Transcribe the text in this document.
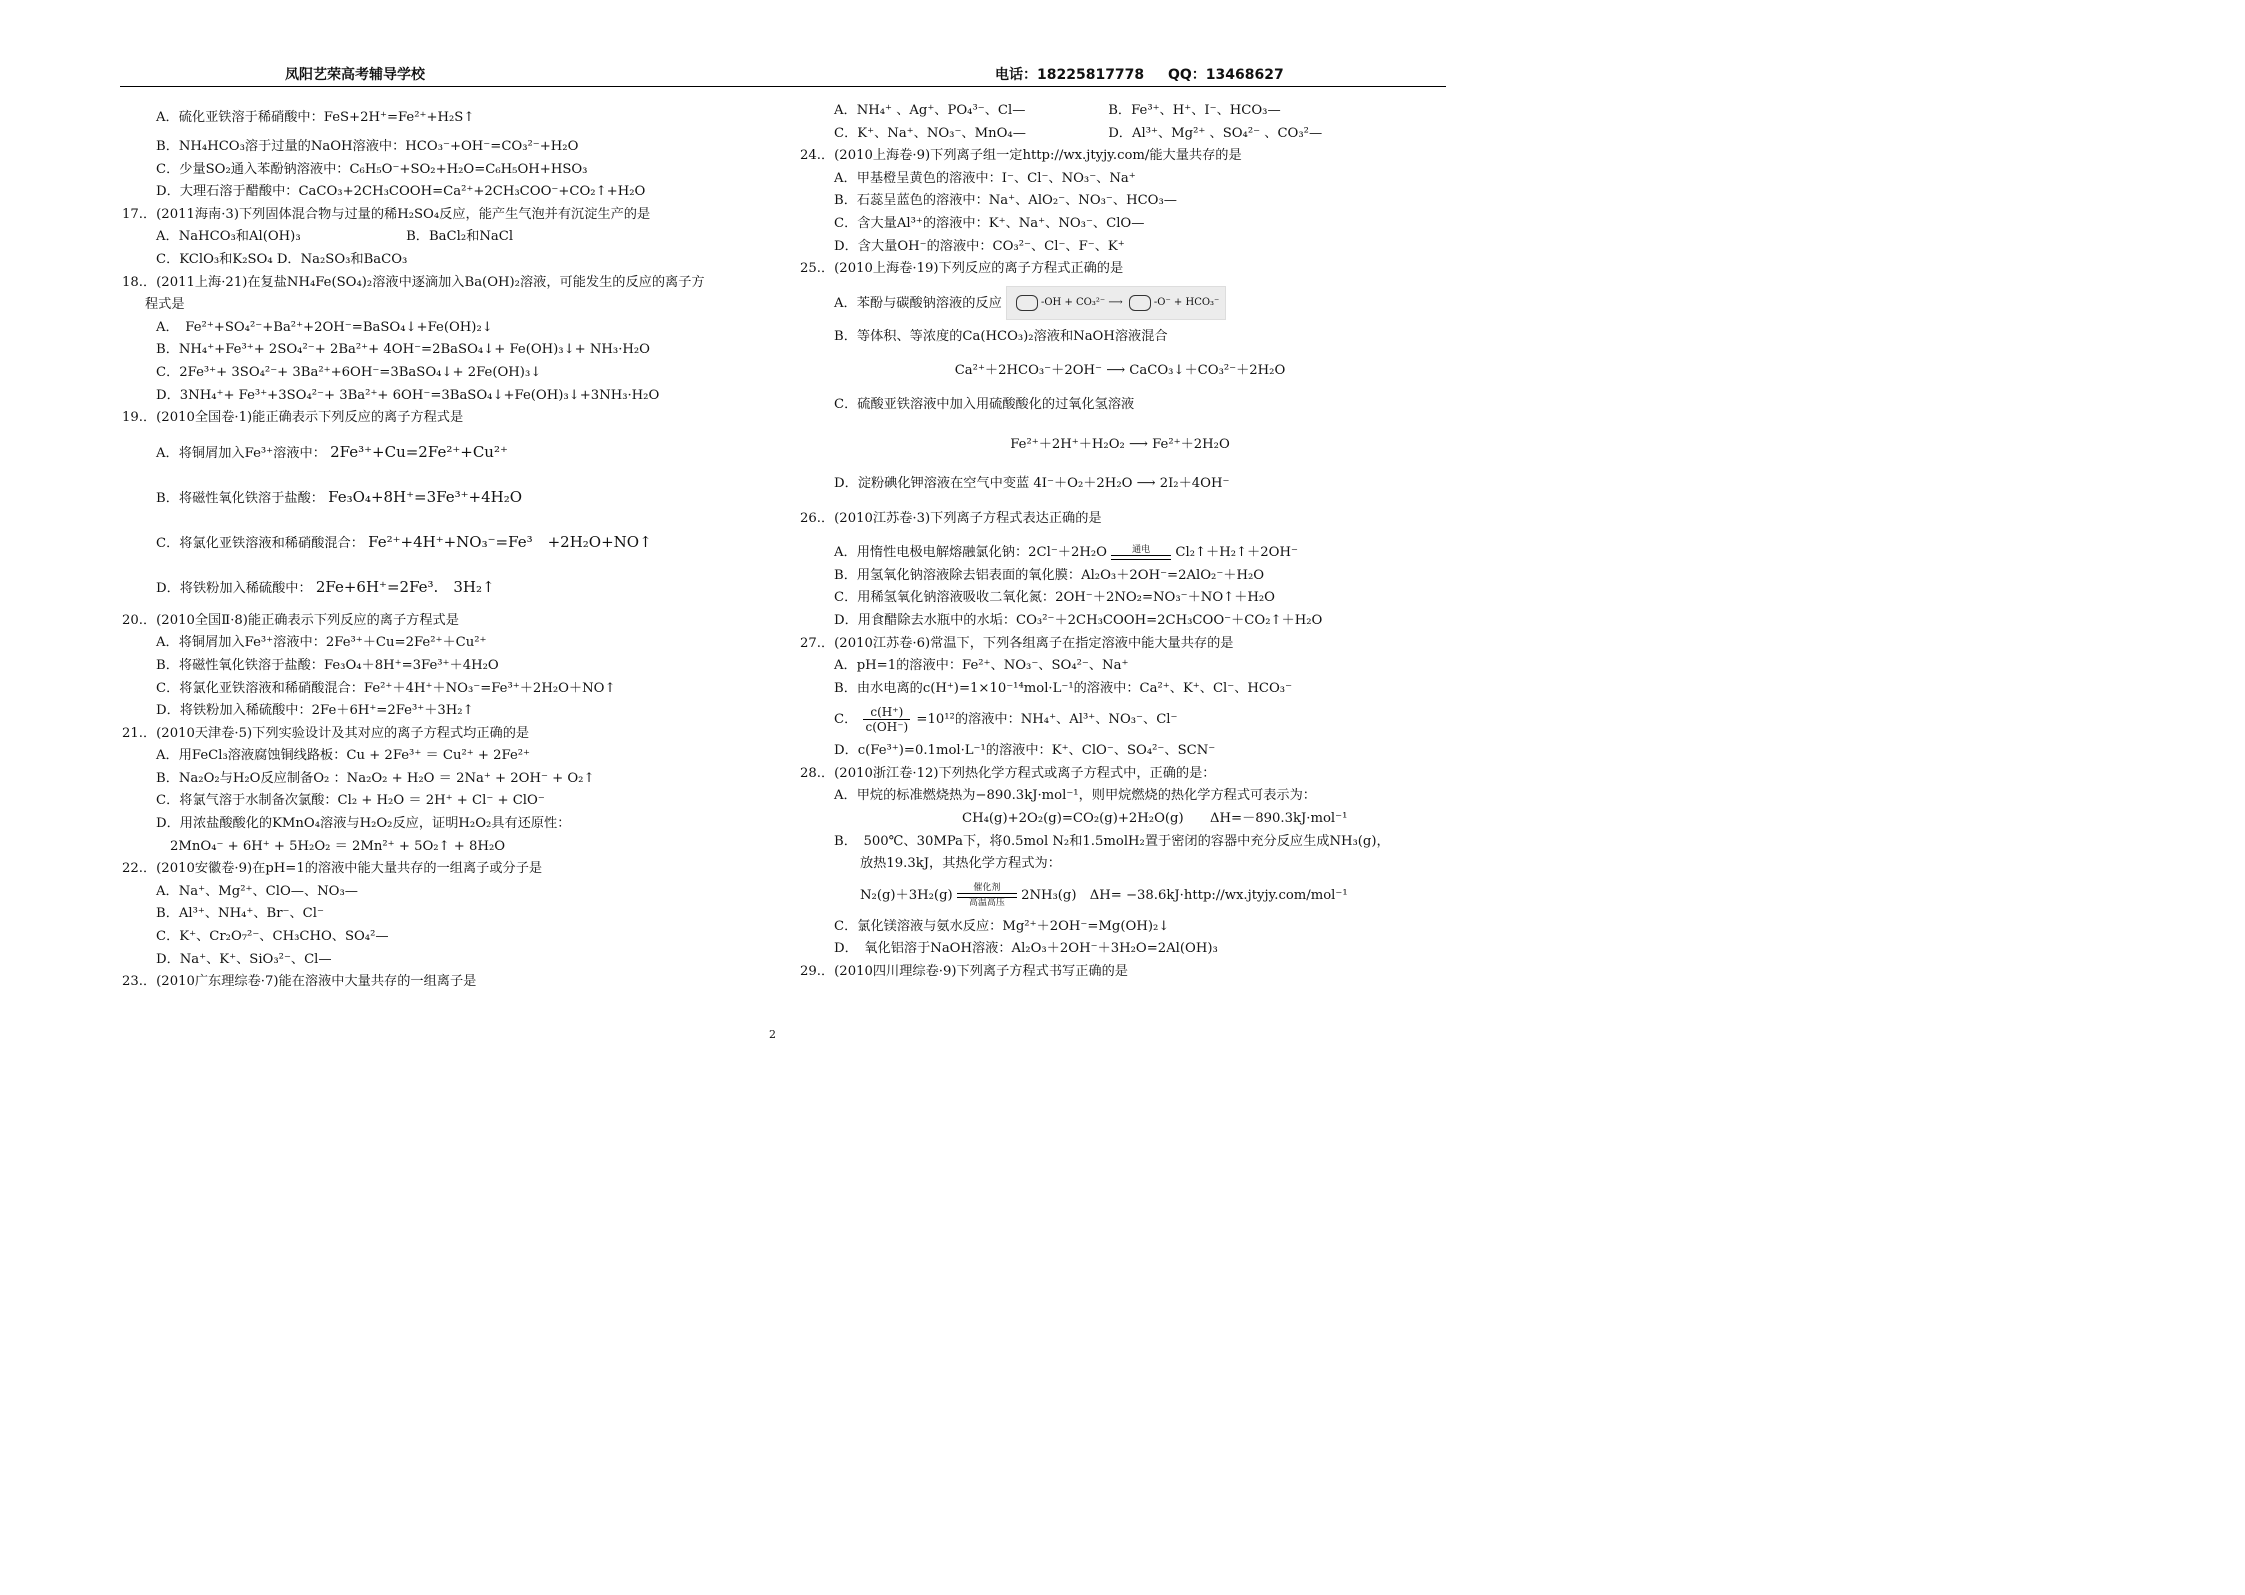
凤阳艺荣高考辅导学校	电话：18225817778 QQ：13468627
A．硫化亚铁溶于稀硝酸中：FeS+2H⁺=Fe²⁺+H₂S↑
B．NH₄HCO₃溶于过量的NaOH溶液中：HCO₃⁻+OH⁻=CO₃²⁻+H₂O
C．少量SO₂通入苯酚钠溶液中：C₆H₅O⁻+SO₂+H₂O=C₆H₅OH+HSO₃
D．大理石溶于醋酸中：CaCO₃+2CH₃COOH=Ca²⁺+2CH₃COO⁻+CO₂↑+H₂O
17.．(2011海南·3)下列固体混合物与过量的稀H₂SO₄反应，能产生气泡并有沉淀生产的是
A．NaHCO₃和Al(OH)₃　　　　　　　　B．BaCl₂和NaCl
C．KClO₃和K₂SO₄ D．Na₂SO₃和BaCO₃
18.．(2011上海·21)在复盐NH₄Fe(SO₄)₂溶液中逐滴加入Ba(OH)₂溶液，可能发生的反应的离子方
程式是
A．　Fe²⁺+SO₄²⁻+Ba²⁺+2OH⁻=BaSO₄↓+Fe(OH)₂↓
B．NH₄⁺+Fe³⁺+ 2SO₄²⁻+ 2Ba²⁺+ 4OH⁻=2BaSO₄↓+ Fe(OH)₃↓+ NH₃·H₂O
C．2Fe³⁺+ 3SO₄²⁻+ 3Ba²⁺+6OH⁻=3BaSO₄↓+ 2Fe(OH)₃↓
D．3NH₄⁺+ Fe³⁺+3SO₄²⁻+ 3Ba²⁺+ 6OH⁻=3BaSO₄↓+Fe(OH)₃↓+3NH₃·H₂O
19.．(2010全国卷·1)能正确表示下列反应的离子方程式是
A．将铜屑加入Fe³⁺溶液中： 2Fe³⁺+Cu=2Fe²⁺+Cu²⁺
B．将磁性氧化铁溶于盐酸： Fe₃O₄+8H⁺=3Fe³⁺+4H₂O
C．将氯化亚铁溶液和稀硝酸混合： Fe²⁺+4H⁺+NO₃⁻=Fe³　+2H₂O+NO↑
D．将铁粉加入稀硫酸中： 2Fe+6H⁺=2Fe³.　3H₂↑
20.．(2010全国Ⅱ·8)能正确表示下列反应的离子方程式是
A．将铜屑加入Fe³⁺溶液中：2Fe³⁺＋Cu=2Fe²⁺＋Cu²⁺
B．将磁性氧化铁溶于盐酸：Fe₃O₄＋8H⁺=3Fe³⁺＋4H₂O
C．将氯化亚铁溶液和稀硝酸混合：Fe²⁺＋4H⁺＋NO₃⁻=Fe³⁺＋2H₂O＋NO↑
D．将铁粉加入稀硫酸中：2Fe＋6H⁺=2Fe³⁺＋3H₂↑
21.．(2010天津卷·5)下列实验设计及其对应的离子方程式均正确的是
A．用FeCl₃溶液腐蚀铜线路板：Cu + 2Fe³⁺ ＝ Cu²⁺ + 2Fe²⁺
B．Na₂O₂与H₂O反应制备O₂ ：Na₂O₂ + H₂O ＝ 2Na⁺ + 2OH⁻ + O₂↑
C．将氯气溶于水制备次氯酸：Cl₂ + H₂O ＝ 2H⁺ + Cl⁻ + ClO⁻
D．用浓盐酸酸化的KMnO₄溶液与H₂O₂反应，证明H₂O₂具有还原性：
2MnO₄⁻ + 6H⁺ + 5H₂O₂ ＝ 2Mn²⁺ + 5O₂↑ + 8H₂O
22.．(2010安徽卷·9)在pH=1的溶液中能大量共存的一组离子或分子是
A．Na⁺、Mg²⁺、ClO—、NO₃—
B．Al³⁺、NH₄⁺、Br⁻、Cl⁻
C．K⁺、Cr₂O₇²⁻、CH₃CHO、SO₄²—
D．Na⁺、K⁺、SiO₃²⁻、Cl—
23.．(2010广东理综卷·7)能在溶液中大量共存的一组离子是
A．NH₄⁺ 、Ag⁺、PO₄³⁻、Cl—	B．Fe³⁺、H⁺、I⁻、HCO₃—
C．K⁺、Na⁺、NO₃⁻、MnO₄—	D．Al³⁺、Mg²⁺ 、SO₄²⁻ 、CO₃²—
24.．(2010上海卷·9)下列离子组一定http://wx.jtyjy.com/能大量共存的是
A．甲基橙呈黄色的溶液中：I⁻、Cl⁻、NO₃⁻、Na⁺
B．石蕊呈蓝色的溶液中：Na⁺、AlO₂⁻、NO₃⁻、HCO₃—
C．含大量Al³⁺的溶液中：K⁺、Na⁺、NO₃⁻、ClO—
D．含大量OH⁻的溶液中：CO₃²⁻、Cl⁻、F⁻、K⁺
25.．(2010上海卷·19)下列反应的离子方程式正确的是
A．苯酚与碳酸钠溶液的反应	-OH + CO₃²⁻ ⟶	-O⁻ + HCO₃⁻
B．等体积、等浓度的Ca(HCO₃)₂溶液和NaOH溶液混合
Ca²⁺＋2HCO₃⁻＋2OH⁻ ⟶ CaCO₃↓＋CO₃²⁻＋2H₂O
C．硫酸亚铁溶液中加入用硫酸酸化的过氧化氢溶液
Fe²⁺＋2H⁺＋H₂O₂ ⟶ Fe²⁺＋2H₂O
D．淀粉碘化钾溶液在空气中变蓝 4I⁻＋O₂＋2H₂O ⟶ 2I₂＋4OH⁻
26.．(2010江苏卷·3)下列离子方程式表达正确的是
A．用惰性电极电解熔融氯化钠：2Cl⁻＋2H₂O	通电 Cl₂↑＋H₂↑＋2OH⁻
B．用氢氧化钠溶液除去铝表面的氧化膜：Al₂O₃＋2OH⁻=2AlO₂⁻＋H₂O
C．用稀氢氧化钠溶液吸收二氧化氮：2OH⁻＋2NO₂=NO₃⁻＋NO↑＋H₂O
D．用食醋除去水瓶中的水垢：CO₃²⁻＋2CH₃COOH=2CH₃COO⁻＋CO₂↑＋H₂O
27.．(2010江苏卷·6)常温下，下列各组离子在指定溶液中能大量共存的是
A．pH=1的溶液中：Fe²⁺、NO₃⁻、SO₄²⁻、Na⁺
B．由水电离的c(H⁺)=1×10⁻¹⁴mol·L⁻¹的溶液中：Ca²⁺、K⁺、Cl⁻、HCO₃⁻
C． $\frac{c(H^+)}{c(OH^-)} =10^{12}$的溶液中：NH₄⁺、Al³⁺、NO₃⁻、Cl⁻
D．c(Fe³⁺)=0.1mol·L⁻¹的溶液中：K⁺、ClO⁻、SO₄²⁻、SCN⁻
28.．(2010浙江卷·12)下列热化学方程式或离子方程式中，正确的是：
A．甲烷的标准燃烧热为−890.3kJ·mol⁻¹，则甲烷燃烧的热化学方程式可表示为：
CH₄(g)+2O₂(g)=CO₂(g)+2H₂O(g)　　ΔH=－890.3kJ·mol⁻¹
B．　500℃、30MPa下，将0.5mol N₂和1.5molH₂置于密闭的容器中充分反应生成NH₃(g)，
放热19.3kJ，其热化学方程式为：
N₂(g)＋3H₂(g) 催化剂
高温高压 2NH₃(g)　ΔH= −38.6kJ·http://wx.jtyjy.com/mol⁻¹
C．氯化镁溶液与氨水反应：Mg²⁺＋2OH⁻=Mg(OH)₂↓
D．　氧化铝溶于NaOH溶液：Al₂O₃＋2OH⁻＋3H₂O=2Al(OH)₃
29.．(2010四川理综卷·9)下列离子方程式书写正确的是
2
